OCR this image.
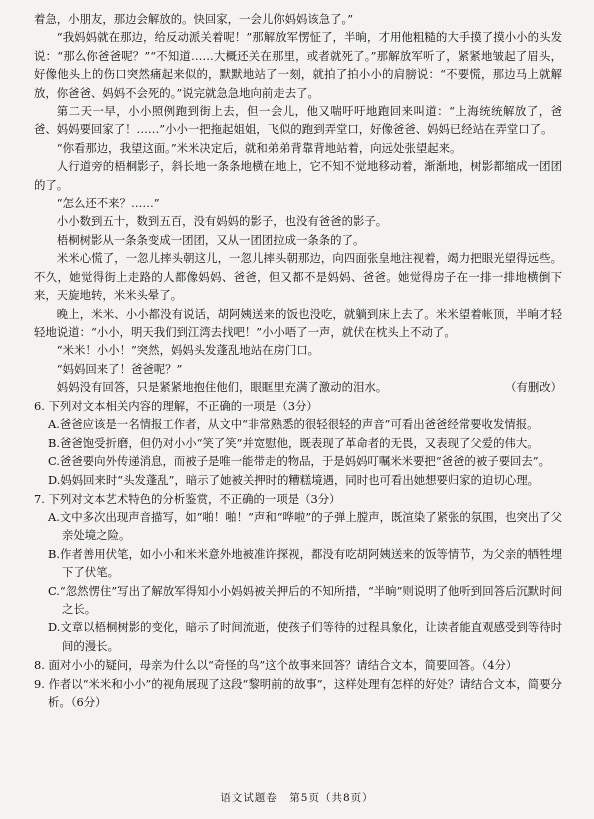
着急，小朋友，那边会解放的。快回家，一会儿你妈妈该急了。”

“我妈妈就在那边，给反动派关着呢！”那解放军愣怔了，半晌，才用他粗糙的大手摸了摸小小的头发说：“那么你爸爸呢？”“不知道……大概还关在那里，或者就死了。”那解放军听了，紧紧地皱起了眉头，好像他头上的伤口突然痛起来似的，默默地站了一刻，就拍了拍小小的肩膀说：“不要慌，那边马上就解放，你爸爸、妈妈不会死的。”说完就急急地向前走去了。

第二天一早，小小照例跑到街上去，但一会儿，他又喘吁吁地跑回来叫道：“上海统统解放了，爸爸、妈妈要回家了！……”小小一把拖起姐姐，飞似的跑到弄堂口，好像爸爸、妈妈已经站在弄堂口了。

“你看那边，我望这面。”米米决定后，就和弟弟背靠背地站着，向远处张望起来。

人行道旁的梧桐影子，斜长地一条条地横在地上，它不知不觉地移动着，渐渐地，树影都缩成一团团的了。

“怎么还不来？……”

小小数到五十，数到五百，没有妈妈的影子，也没有爸爸的影子。

梧桐树影从一条条变成一团团，又从一团团拉成一条条的了。

米米心慌了，一忽儿摔头朝这儿，一忽儿摔头朝那边，向四面张皇地注视着，竭力把眼光望得远些。不久，她觉得街上走路的人都像妈妈、爸爸，但又都不是妈妈、爸爸。她觉得房子在一排一排地横倒下来，天旋地转，米米头晕了。

晚上，米米、小小都没有说话，胡阿姨送来的饭也没吃，就躺到床上去了。米米望着帐顶，半晌才轻轻地说道：“小小，明天我们到江湾去找吧！”小小唔了一声，就伏在枕头上不动了。

“米米！小小！”突然，妈妈头发蓬乱地站在房门口。

“妈妈回来了！爸爸呢？”

妈妈没有回答，只是紧紧地抱住他们，眼眶里充满了激动的泪水。	（有删改）

6. 下列对文本相关内容的理解，不正确的一项是（3分）

A.爸爸应该是一名情报工作者，从文中“非常熟悉的很轻很轻的声音”可看出爸爸经常要收发情报。

B.爸爸饱受折磨，但仍对小小“笑了笑”并宽慰他，既表现了革命者的无畏，又表现了父爱的伟大。

C.爸爸要向外传递消息，而被子是唯一能带走的物品，于是妈妈叮嘱米米要把“爸爸的被子要回去”。

D.妈妈回来时“头发蓬乱”，暗示了她被关押时的糟糕境遇，同时也可看出她想要归家的迫切心理。

7. 下列对文本艺术特色的分析鉴赏，不正确的一项是（3分）

A.文中多次出现声音描写，如“啪！啪！”声和“哗啦”的子弹上膛声，既渲染了紧张的氛围，也突出了父亲处境之险。

B.作者善用伏笔，如小小和米米意外地被准许探视，都没有吃胡阿姨送来的饭等情节，为父亲的牺牲埋下了伏笔。

C.“忽然愣住”写出了解放军得知小小妈妈被关押后的不知所措，“半晌”则说明了他听到回答后沉默时间之长。

D.文章以梧桐树影的变化，暗示了时间流逝，使孩子们等待的过程具象化，让读者能直观感受到等待时间的漫长。

8. 面对小小的疑问，母亲为什么以“奇怪的鸟”这个故事来回答？请结合文本，简要回答。（4分）

9. 作者以“米米和小小”的视角展现了这段“黎明前的故事”，这样处理有怎样的好处？请结合文本，简要分析。（6分）

语文试题卷　第5页（共8页）
